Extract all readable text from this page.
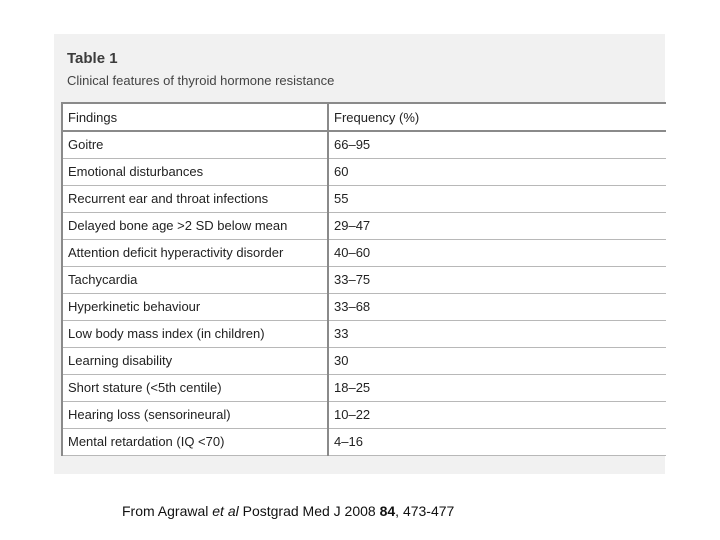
Table 1
Clinical features of thyroid hormone resistance
Findings	Frequency (%)
Goitre	66–95
Emotional disturbances	60
Recurrent ear and throat infections	55
Delayed bone age >2 SD below mean	29–47
Attention deficit hyperactivity disorder	40–60
Tachycardia	33–75
Hyperkinetic behaviour	33–68
Low body mass index (in children)	33
Learning disability	30
Short stature (<5th centile)	18–25
Hearing loss (sensorineural)	10–22
Mental retardation (IQ <70)	4–16
From Agrawal et al Postgrad Med J 2008 84, 473-477
